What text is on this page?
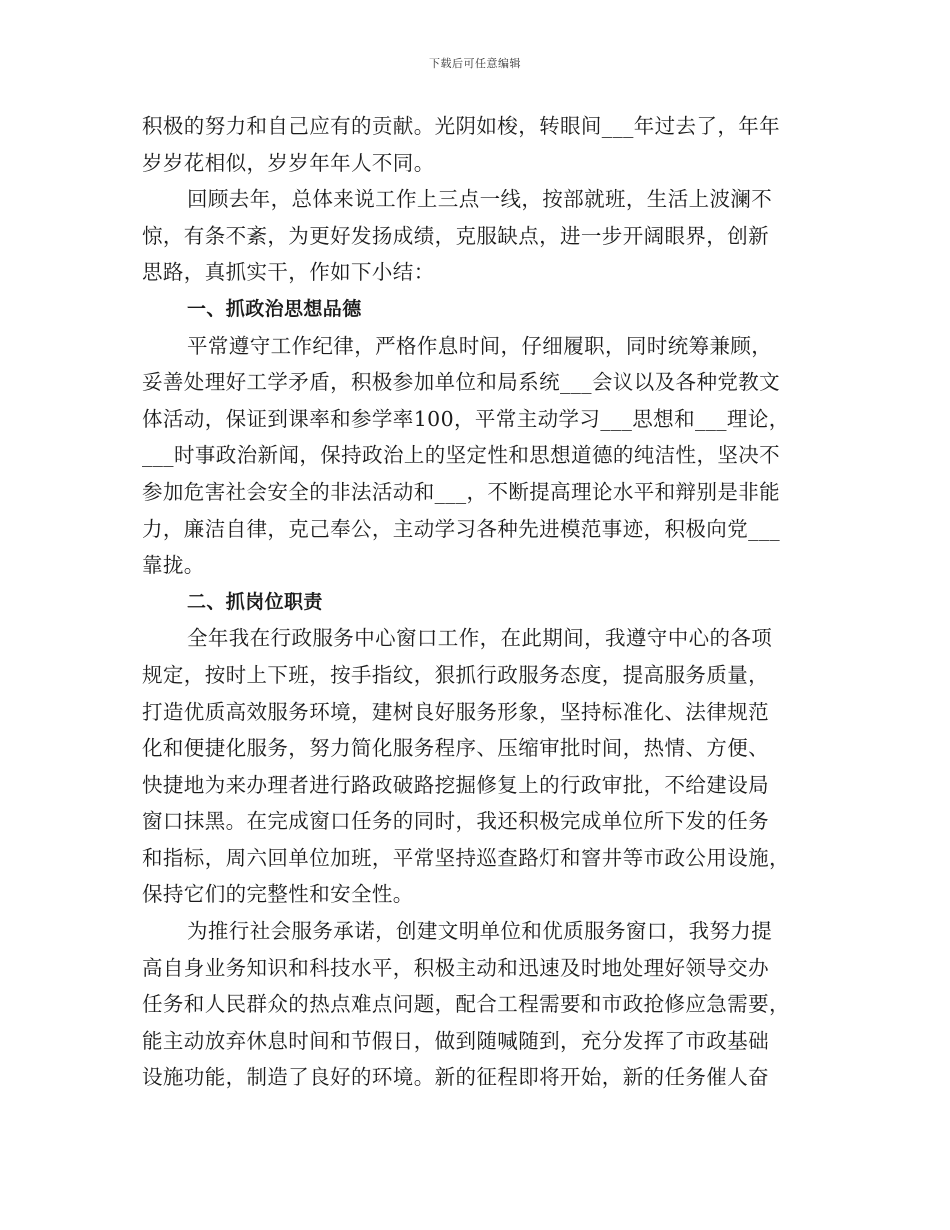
下载后可任意编辑
积极的努力和自己应有的贡献。光阴如梭，转眼间___年过去了，年年
岁岁花相似，岁岁年年人不同。
回顾去年，总体来说工作上三点一线，按部就班，生活上波澜不
惊，有条不紊，为更好发扬成绩，克服缺点，进一步开阔眼界，创新
思路，真抓实干，作如下小结：
一、抓政治思想品德
平常遵守工作纪律，严格作息时间，仔细履职，同时统筹兼顾，
妥善处理好工学矛盾，积极参加单位和局系统___会议以及各种党教文
体活动，保证到课率和参学率100，平常主动学习___思想和___理论，
___时事政治新闻，保持政治上的坚定性和思想道德的纯洁性，坚决不
参加危害社会安全的非法活动和___，不断提高理论水平和辩别是非能
力，廉洁自律，克己奉公，主动学习各种先进模范事迹，积极向党___
靠拢。
二、抓岗位职责
全年我在行政服务中心窗口工作，在此期间，我遵守中心的各项
规定，按时上下班，按手指纹，狠抓行政服务态度，提高服务质量，
打造优质高效服务环境，建树良好服务形象，坚持标准化、法律规范
化和便捷化服务，努力简化服务程序、压缩审批时间，热情、方便、
快捷地为来办理者进行路政破路挖掘修复上的行政审批，不给建设局
窗口抹黑。在完成窗口任务的同时，我还积极完成单位所下发的任务
和指标，周六回单位加班，平常坚持巡查路灯和窨井等市政公用设施，
保持它们的完整性和安全性。
为推行社会服务承诺，创建文明单位和优质服务窗口，我努力提
高自身业务知识和科技水平，积极主动和迅速及时地处理好领导交办
任务和人民群众的热点难点问题，配合工程需要和市政抢修应急需要，
能主动放弃休息时间和节假日，做到随喊随到，充分发挥了市政基础
设施功能，制造了良好的环境。新的征程即将开始，新的任务催人奋
